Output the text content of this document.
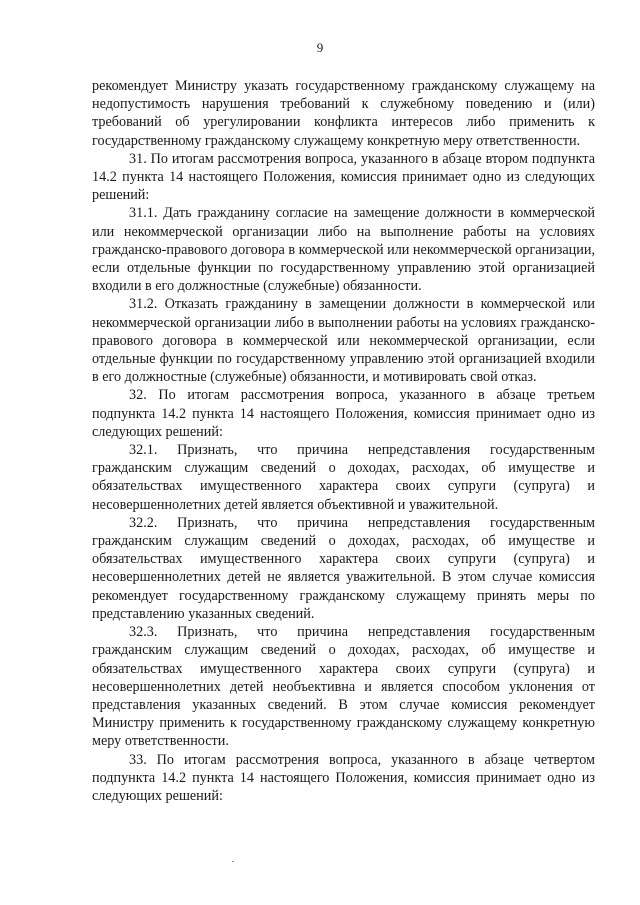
9

рекомендует Министру указать государственному гражданскому служащему на недопустимость нарушения требований к служебному поведению и (или) требований об урегулировании конфликта интересов либо применить к государственному гражданскому служащему конкретную меру ответственности.

31. По итогам рассмотрения вопроса, указанного в абзаце втором подпункта 14.2 пункта 14 настоящего Положения, комиссия принимает одно из следующих решений:

31.1. Дать гражданину согласие на замещение должности в коммерческой или некоммерческой организации либо на выполнение работы на условиях гражданско-правового договора в коммерческой или некоммерческой организации, если отдельные функции по государственному управлению этой организацией входили в его должностные (служебные) обязанности.

31.2. Отказать гражданину в замещении должности в коммерческой или некоммерческой организации либо в выполнении работы на условиях гражданско-правового договора в коммерческой или некоммерческой организации, если отдельные функции по государственному управлению этой организацией входили в его должностные (служебные) обязанности, и мотивировать свой отказ.

32. По итогам рассмотрения вопроса, указанного в абзаце третьем подпункта 14.2 пункта 14 настоящего Положения, комиссия принимает одно из следующих решений:

32.1. Признать, что причина непредставления государственным гражданским служащим сведений о доходах, расходах, об имуществе и обязательствах имущественного характера своих супруги (супруга) и несовершеннолетних детей является объективной и уважительной.

32.2. Признать, что причина непредставления государственным гражданским служащим сведений о доходах, расходах, об имуществе и обязательствах имущественного характера своих супруги (супруга) и несовершеннолетних детей не является уважительной. В этом случае комиссия рекомендует государственному гражданскому служащему принять меры по представлению указанных сведений.

32.3. Признать, что причина непредставления государственным гражданским служащим сведений о доходах, расходах, об имуществе и обязательствах имущественного характера своих супруги (супруга) и несовершеннолетних детей необъективна и является способом уклонения от представления указанных сведений. В этом случае комиссия рекомендует Министру применить к государственному гражданскому служащему конкретную меру ответственности.

33. По итогам рассмотрения вопроса, указанного в абзаце четвертом подпункта 14.2 пункта 14 настоящего Положения, комиссия принимает одно из следующих решений:
